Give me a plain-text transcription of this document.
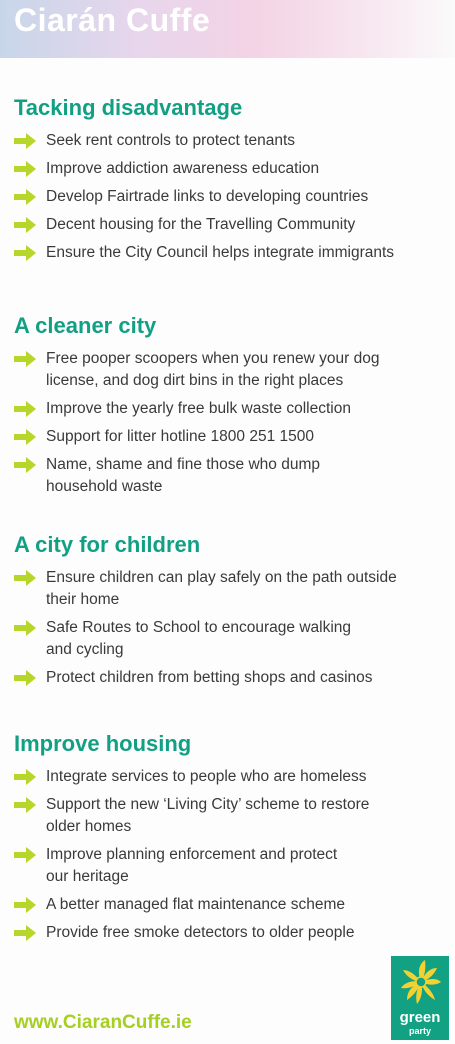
Ciarán Cuffe
Tacking disadvantage
Seek rent controls to protect tenants
Improve addiction awareness education
Develop Fairtrade links to developing countries
Decent housing for the Travelling Community
Ensure the City Council helps integrate immigrants
A cleaner city
Free pooper scoopers when you renew your dog
license, and dog dirt bins in the right places
Improve the yearly free bulk waste collection
Support for litter hotline 1800 251 1500
Name, shame and fine those who dump
household waste
A city for children
Ensure children can play safely on the path outside
their home
Safe Routes to School to encourage walking
and cycling
Protect children from betting shops and casinos
Improve housing
Integrate services to people who are homeless
Support the new ‘Living City’ scheme to restore
older homes
Improve planning enforcement and protect
our heritage
A better managed flat maintenance scheme
Provide free smoke detectors to older people
www.CiaranCuffe.ie	green
party
